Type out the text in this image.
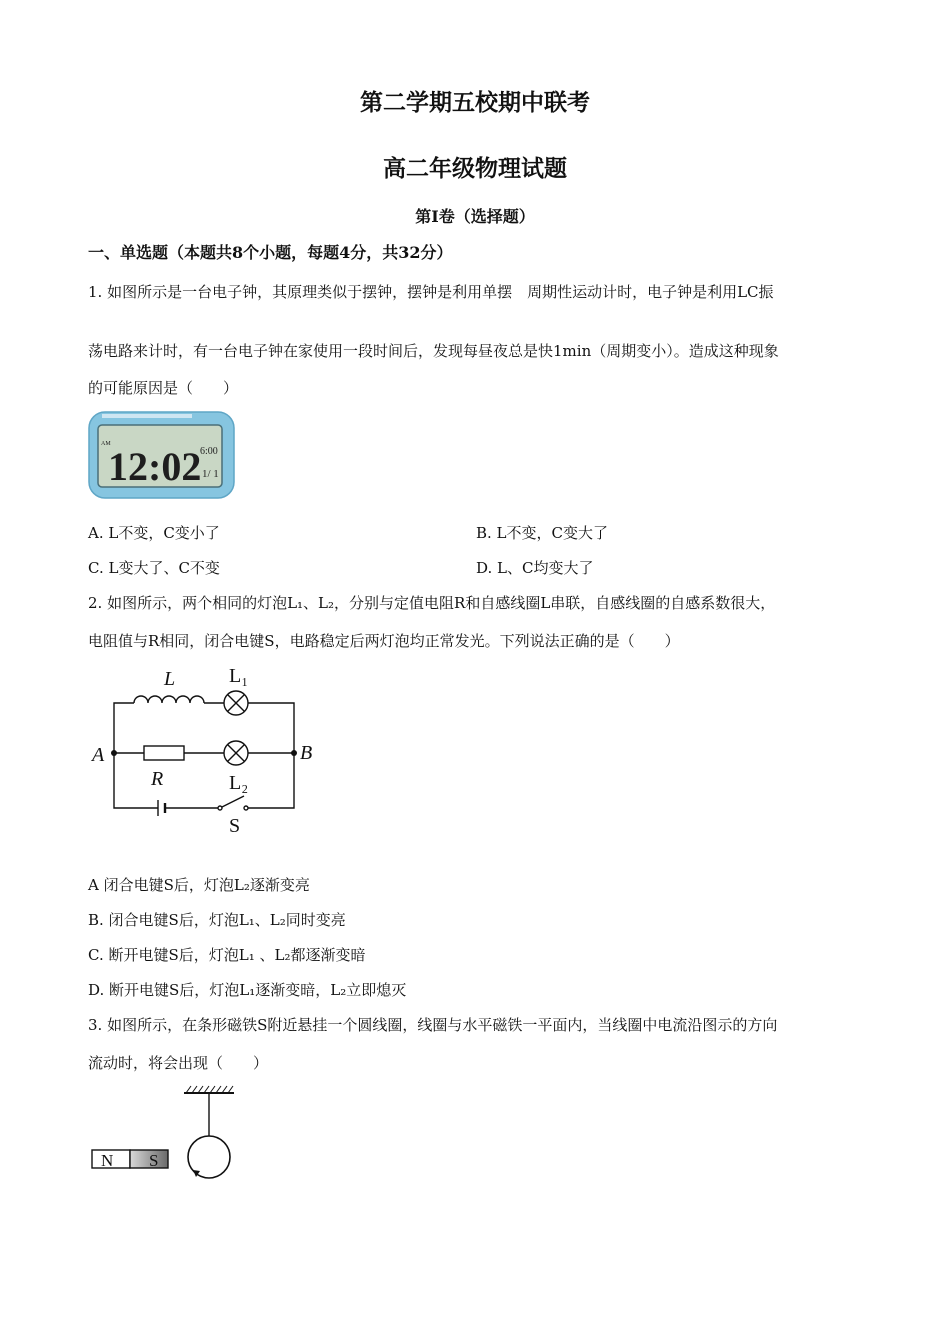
第二学期五校期中联考
高二年级物理试题
第I卷（选择题）
一、单选题（本题共8个小题，每题4分，共32分）
1. 如图所示是一台电子钟，其原理类似于摆钟，摆钟是利用单摆　周期性运动计时，电子钟是利用LC振
荡电路来计时，有一台电子钟在家使用一段时间后，发现每昼夜总是快1min（周期变小）。造成这种现象
的可能原因是（　　）
AM
12:02
6:00
1/ 1
A. L不变，C变小了	B. L不变，C变大了
C. L变大了、C不变	D. L、C均变大了
2. 如图所示，两个相同的灯泡L₁、L₂，分别与定值电阻R和自感线圈L串联，自感线圈的自感系数很大，
电阻值与R相同，闭合电键S，电路稳定后两灯泡均正常发光。下列说法正确的是（　　）
L	L₁
A	B
R	L₂
S
A 闭合电键S后，灯泡L₂逐渐变亮
B. 闭合电键S后，灯泡L₁、L₂同时变亮
C. 断开电键S后，灯泡L₁ 、L₂都逐渐变暗
D. 断开电键S后，灯泡L₁逐渐变暗，L₂立即熄灭
3. 如图所示，在条形磁铁S附近悬挂一个圆线圈，线圈与水平磁铁一平面内，当线圈中电流沿图示的方向
流动时，将会出现（　　）
N S
